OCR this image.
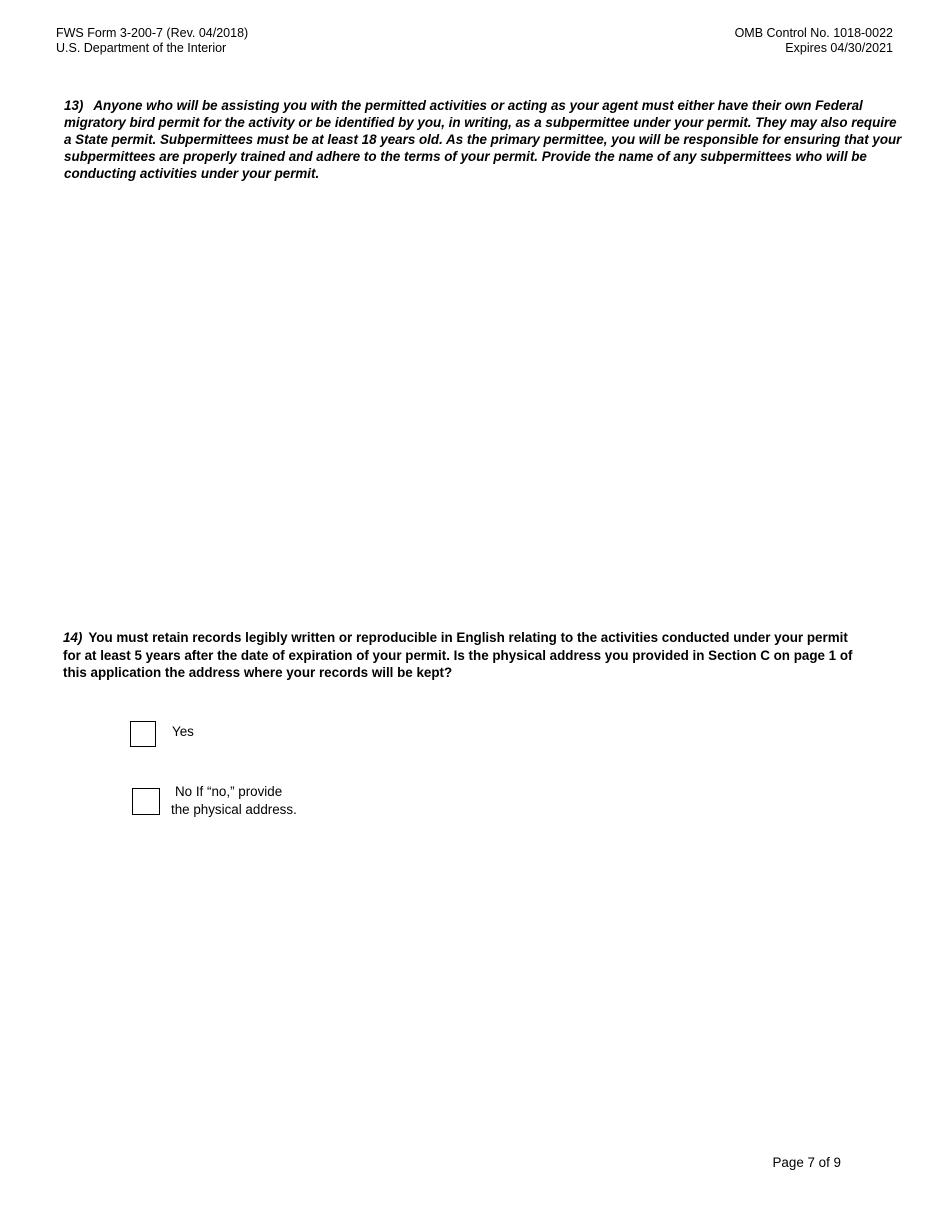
FWS Form 3-200-7 (Rev. 04/2018)
U.S. Department of the Interior
OMB Control No. 1018-0022
Expires 04/30/2021
13) Anyone who will be assisting you with the permitted activities or acting as your agent must either have their own Federal migratory bird permit for the activity or be identified by you, in writing, as a subpermittee under your permit. They may also require a State permit. Subpermittees must be at least 18 years old. As the primary permittee, you will be responsible for ensuring that your subpermittees are properly trained and adhere to the terms of your permit. Provide the name of any subpermittees who will be conducting activities under your permit.
14) You must retain records legibly written or reproducible in English relating to the activities conducted under your permit for at least 5 years after the date of expiration of your permit. Is the physical address you provided in Section C on page 1 of this application the address where your records will be kept?
Yes
No If “no,” provide
the physical address.
Page 7 of 9
